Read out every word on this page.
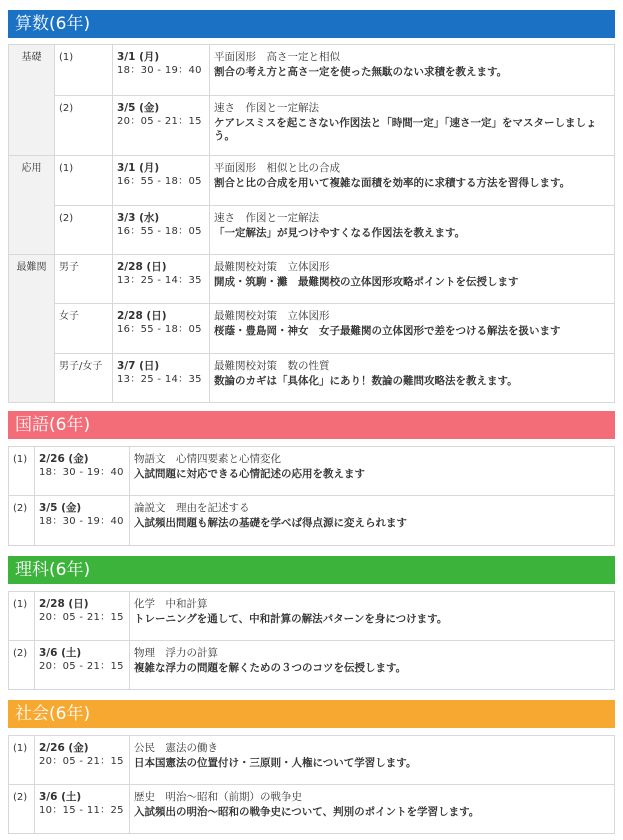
算数(6年)
基礎	(1)	3/1 (月)
18：30 - 19：40	平面図形　高さ一定と相似
割合の考え方と高さ一定を使った無駄のない求積を教えます。

	(2)	3/5 (金)
20：05 - 21：15	速さ　作図と一定解法
ケアレスミスを起こさない作図法と「時間一定」「速さ一定」をマスターしましょう。

応用	(1)	3/1 (月)
16：55 - 18：05	平面図形　相似と比の合成
割合と比の合成を用いて複雑な面積を効率的に求積する方法を習得します。

	(2)	3/3 (水)
16：55 - 18：05	速さ　作図と一定解法
「一定解法」が見つけやすくなる作図法を教えます。

最難関	男子	2/28 (日)
13：25 - 14：35	最難関校対策　立体図形
開成・筑駒・灘　最難関校の立体図形攻略ポイントを伝授します

	女子	2/28 (日)
16：55 - 18：05	最難関校対策　立体図形
桜蔭・豊島岡・神女　女子最難関の立体図形で差をつける解法を扱います

	男子/女子	3/7 (日)
13：25 - 14：35	最難関校対策　数の性質
数論のカギは「具体化」にあり！数論の難問攻略法を教えます。
国語(6年)
(1)	2/26 (金)
18：30 - 19：40	物語文　心情四要素と心情変化
入試問題に対応できる心情記述の応用を教えます

(2)	3/5 (金)
18：30 - 19：40	論説文　理由を記述する
入試頻出問題も解法の基礎を学べば得点源に変えられます
理科(6年)
(1)	2/28 (日)
20：05 - 21：15	化学　中和計算
トレーニングを通して、中和計算の解法パターンを身につけます。

(2)	3/6 (土)
20：05 - 21：15	物理　浮力の計算
複雑な浮力の問題を解くための３つのコツを伝授します。
社会(6年)
(1)	2/26 (金)
20：05 - 21：15	公民　憲法の働き
日本国憲法の位置付け・三原則・人権について学習します。

(2)	3/6 (土)
10：15 - 11：25	歴史　明治～昭和（前期）の戦争史
入試頻出の明治～昭和の戦争史について、判別のポイントを学習します。
